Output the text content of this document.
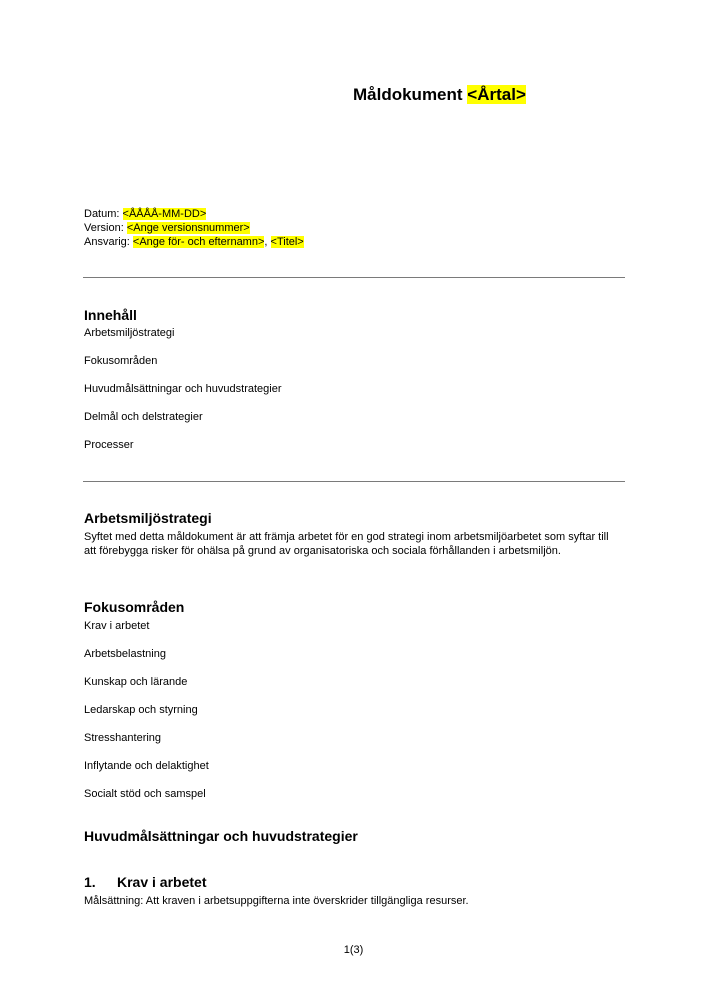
Måldokument <Årtal>
Datum: <ÅÅÅÅ-MM-DD>
Version: <Ange versionsnummer>
Ansvarig: <Ange för- och efternamn>, <Titel>
Innehåll
Arbetsmiljöstrategi
Fokusområden
Huvudmålsättningar och huvudstrategier
Delmål och delstrategier
Processer
Arbetsmiljöstrategi
Syftet med detta måldokument är att främja arbetet för en god strategi inom arbetsmiljöarbetet som syftar till att förebygga risker för ohälsa på grund av organisatoriska och sociala förhållanden i arbetsmiljön.
Fokusområden
Krav i arbetet
Arbetsbelastning
Kunskap och lärande
Ledarskap och styrning
Stresshantering
Inflytande och delaktighet
Socialt stöd och samspel
Huvudmålsättningar och huvudstrategier
1. Krav i arbetet
Målsättning: Att kraven i arbetsuppgifterna inte överskrider tillgängliga resurser.
1(3)
